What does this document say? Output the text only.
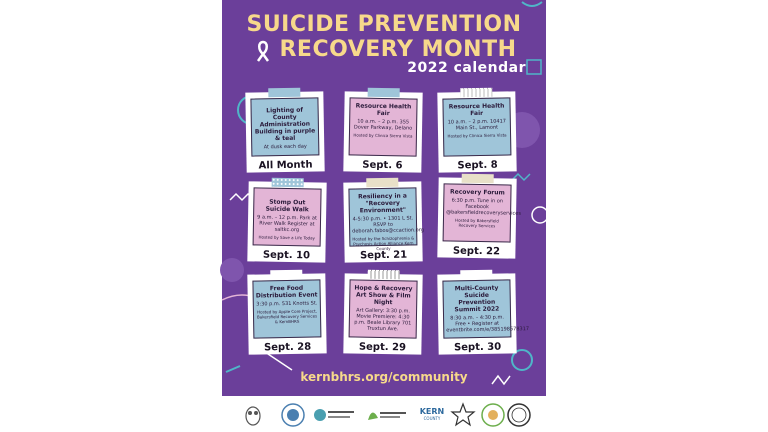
SUICIDE PREVENTION
RECOVERY MONTH
2022 calendar
Lighting of County Administration Building in purple & teal
At dusk each day
All Month
Resource Health Fair
10 a.m. – 2 p.m. 355 Dover Parkway, Delano
Hosted by Clinica Sierra Vista
Sept. 6
Resource Health Fair
10 a.m. – 2 p.m. 10417 Main St., Lamont
Hosted by Clinica Sierra Vista
Sept. 8
Stomp Out Suicide Walk
9 a.m. – 12 p.m. Park at River Walk Register at saltkc.org
Hosted by Save a Life Today
Sept. 10
Resiliency in a "Recovery Environment"
4-5:30 p.m. • 1301 L St. RSVP to deborah.fabos@ccaction.org
Hosted by the Schizophrenia & Psychosis Action Alliance Kern County
Sept. 21
Recovery Forum
6:30 p.m. Tune in on Facebook @bakersfieldrecoveryservices
Hosted by Bakersfield Recovery Services
Sept. 22
Free Food Distribution Event
3:30 p.m. 531 Knotts St.
Hosted by Apple Core Project, Bakersfield Recovery Services & KernBHRS
Sept. 28
Hope & Recovery Art Show & Film Night
Art Gallery: 3:30 p.m. Movie Premiere: 4:30 p.m. Beale Library 701 Truxtun Ave.
Sept. 29
Multi-County Suicide Prevention Summit 2022
8:30 a.m. – 4:30 p.m. Free • Register at eventbrite.com/e/385198578317
Sept. 30
kernbhrs.org/community
KERN
COUNTY
